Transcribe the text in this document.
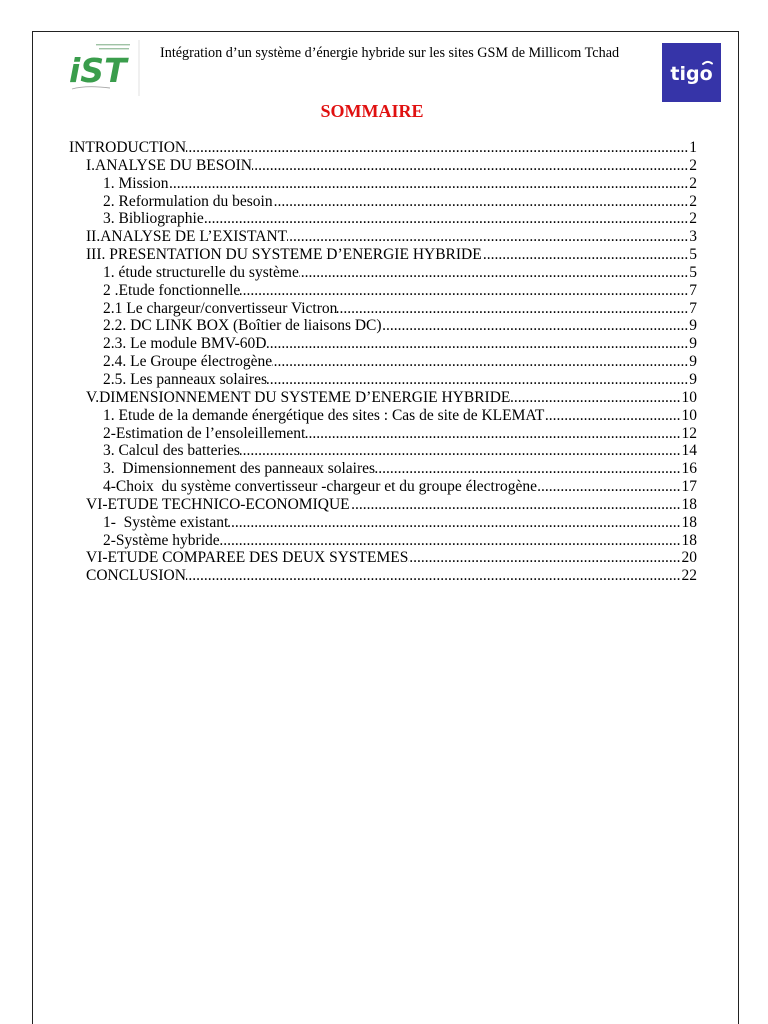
iST Intégration d’un système d’énergie hybride sur les sites GSM de Millicom Tchad
tigo
SOMMAIRE
INTRODUCTION .....	1
I.ANALYSE DU BESOIN .....	2
1. Mission .....	2
2. Reformulation du besoin .....	2
3. Bibliographie .....	2
II.ANALYSE DE L’EXISTANT .....	3
III. PRESENTATION DU SYSTEME D’ENERGIE HYBRIDE .....	5
1. étude structurelle du système .....	5
2 .Etude fonctionnelle .....	7
2.1 Le chargeur/convertisseur Victron .....	7
2.2. DC LINK BOX (Boîtier de liaisons DC) .....	9
2.3. Le module BMV-60D .....	9
2.4. Le Groupe électrogène .....	9
2.5. Les panneaux solaires .....	9
V.DIMENSIONNEMENT DU SYSTEME D’ENERGIE HYBRIDE .....	10
1. Etude de la demande énergétique des sites : Cas de site de KLEMAT .....	10
2-Estimation de l’ensoleillement .....	12
3. Calcul des batteries .....	14
3.  Dimensionnement des panneaux solaires .....	16
4-Choix  du système convertisseur -chargeur et du groupe électrogène .....	17
VI-ETUDE TECHNICO-ECONOMIQUE .....	18
1-  Système existant .....	18
2-Système hybride .....	18
VI-ETUDE COMPAREE DES DEUX SYSTEMES .....	20
CONCLUSION .....	22
